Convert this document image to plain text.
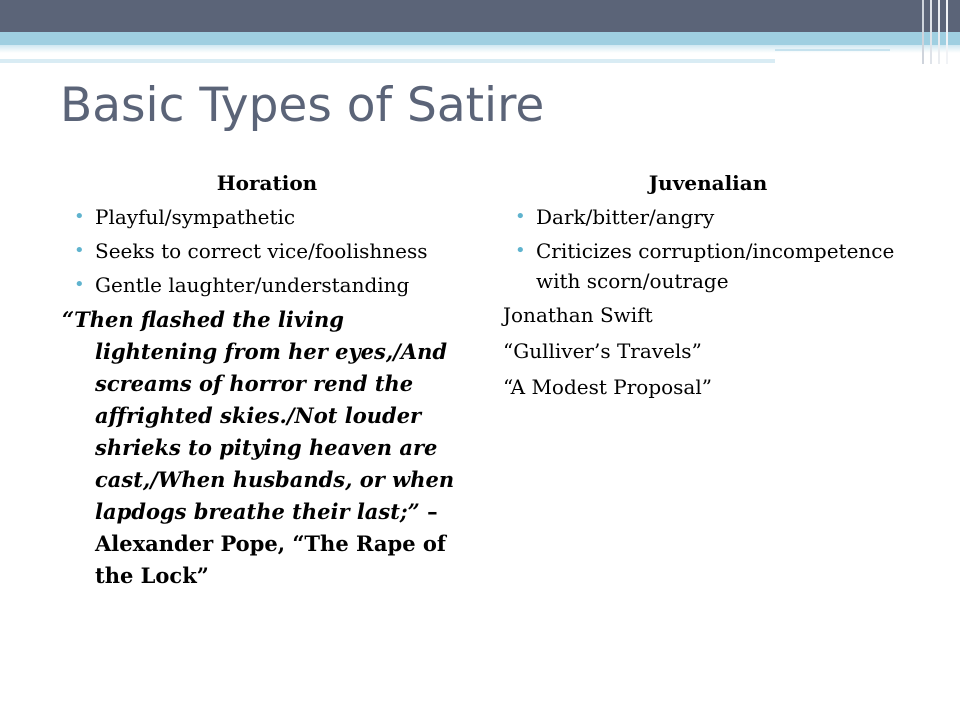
Basic Types of Satire
Horation
• Playful/sympathetic
• Seeks to correct vice/foolishness
• Gentle laughter/understanding

“Then flashed the living lightening from her eyes,/And screams of horror rend the affrighted skies./Not louder shrieks to pitying heaven are cast,/When husbands, or when lapdogs breathe their last;” – Alexander Pope, “The Rape of the Lock”

Juvenalian
• Dark/bitter/angry
• Criticizes corruption/incompetence with scorn/outrage
Jonathan Swift
“Gulliver’s Travels”
“A Modest Proposal”
